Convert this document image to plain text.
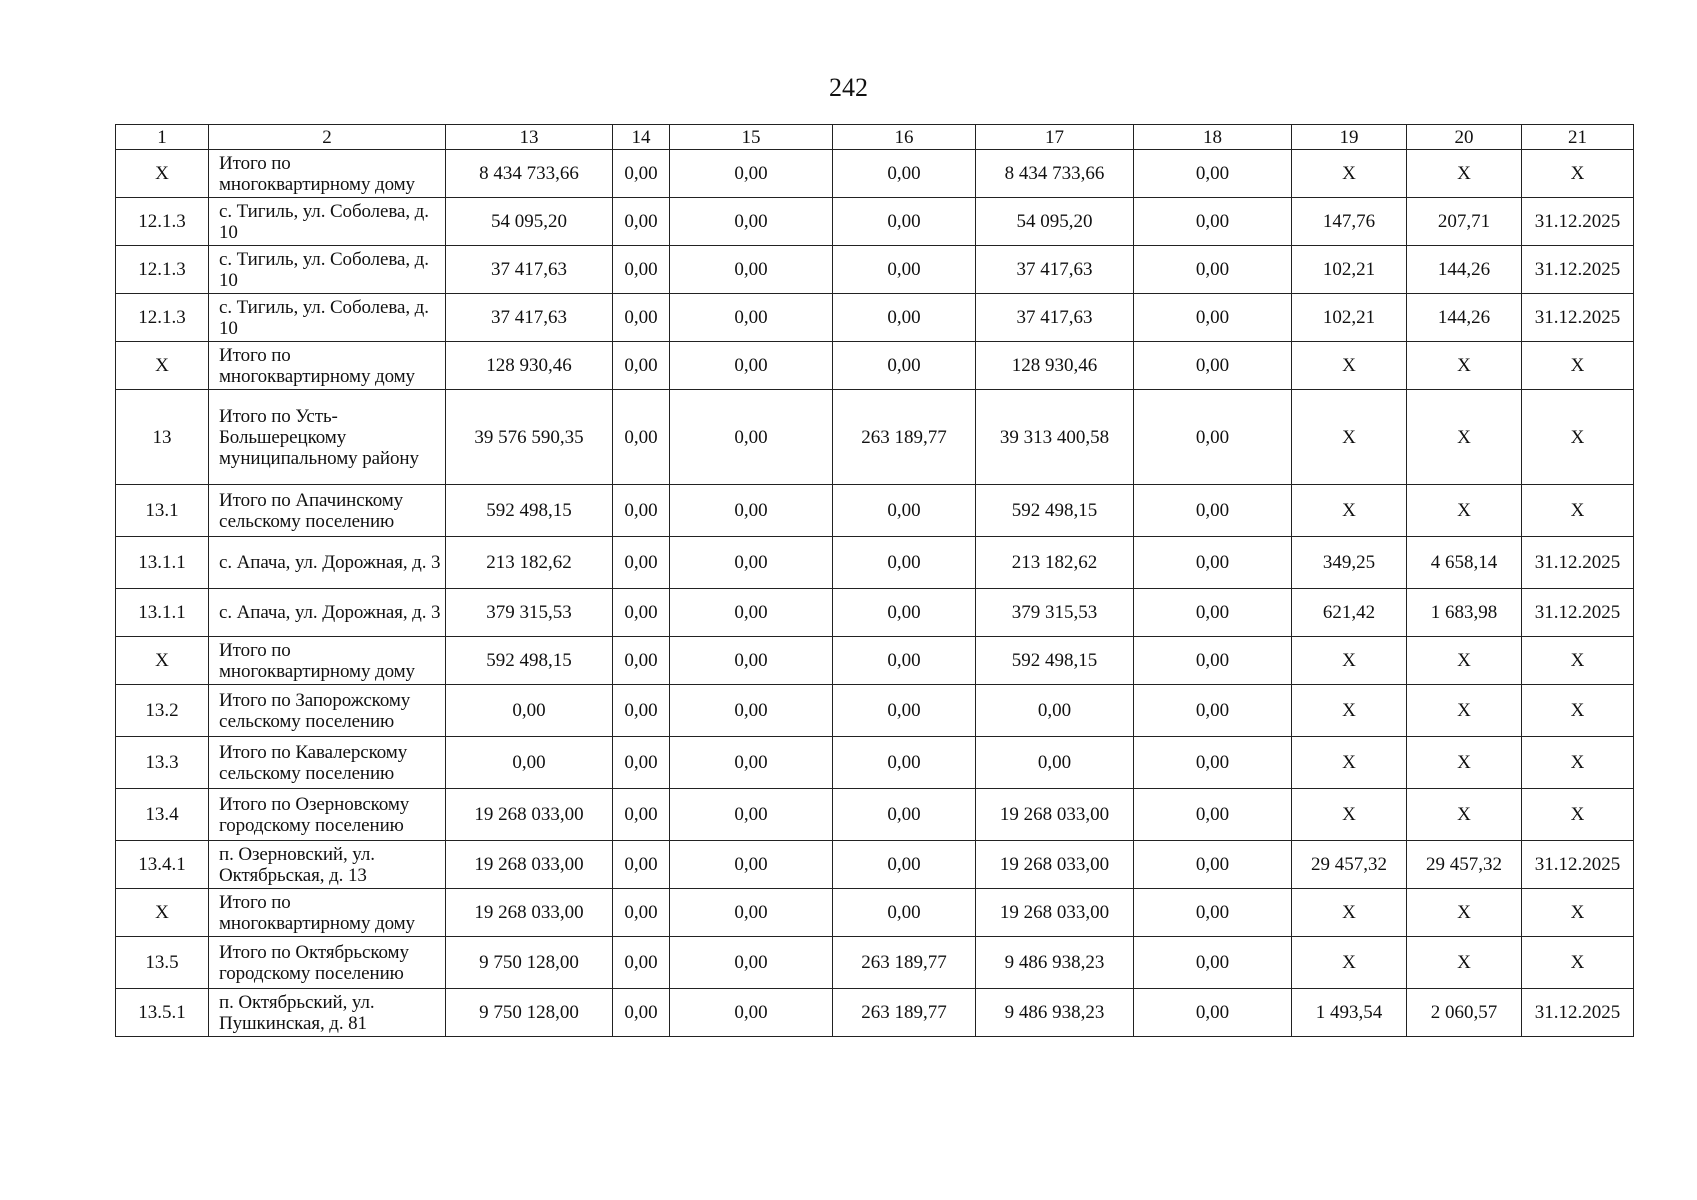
242
1	2	13	14	15	16	17	18	19	20	21
X	Итого по многоквартирному дому	8 434 733,66	0,00	0,00	0,00	8 434 733,66	0,00	X	X	X
12.1.3	с. Тигиль, ул. Соболева, д. 10	54 095,20	0,00	0,00	0,00	54 095,20	0,00	147,76	207,71	31.12.2025
12.1.3	с. Тигиль, ул. Соболева, д. 10	37 417,63	0,00	0,00	0,00	37 417,63	0,00	102,21	144,26	31.12.2025
12.1.3	с. Тигиль, ул. Соболева, д. 10	37 417,63	0,00	0,00	0,00	37 417,63	0,00	102,21	144,26	31.12.2025
X	Итого по многоквартирному дому	128 930,46	0,00	0,00	0,00	128 930,46	0,00	X	X	X
13	Итого по Усть-Большерецкому муниципальному району	39 576 590,35	0,00	0,00	263 189,77	39 313 400,58	0,00	X	X	X
13.1	Итого по Апачинскому сельскому поселению	592 498,15	0,00	0,00	0,00	592 498,15	0,00	X	X	X
13.1.1	с. Апача, ул. Дорожная, д. 3	213 182,62	0,00	0,00	0,00	213 182,62	0,00	349,25	4 658,14	31.12.2025
13.1.1	с. Апача, ул. Дорожная, д. 3	379 315,53	0,00	0,00	0,00	379 315,53	0,00	621,42	1 683,98	31.12.2025
X	Итого по многоквартирному дому	592 498,15	0,00	0,00	0,00	592 498,15	0,00	X	X	X
13.2	Итого по Запорожскому сельскому поселению	0,00	0,00	0,00	0,00	0,00	0,00	X	X	X
13.3	Итого по Кавалерскому сельскому поселению	0,00	0,00	0,00	0,00	0,00	0,00	X	X	X
13.4	Итого по Озерновскому городскому поселению	19 268 033,00	0,00	0,00	0,00	19 268 033,00	0,00	X	X	X
13.4.1	п. Озерновский, ул. Октябрьская, д. 13	19 268 033,00	0,00	0,00	0,00	19 268 033,00	0,00	29 457,32	29 457,32	31.12.2025
X	Итого по многоквартирному дому	19 268 033,00	0,00	0,00	0,00	19 268 033,00	0,00	X	X	X
13.5	Итого по Октябрьскому городскому поселению	9 750 128,00	0,00	0,00	263 189,77	9 486 938,23	0,00	X	X	X
13.5.1	п. Октябрьский, ул. Пушкинская, д. 81	9 750 128,00	0,00	0,00	263 189,77	9 486 938,23	0,00	1 493,54	2 060,57	31.12.2025
